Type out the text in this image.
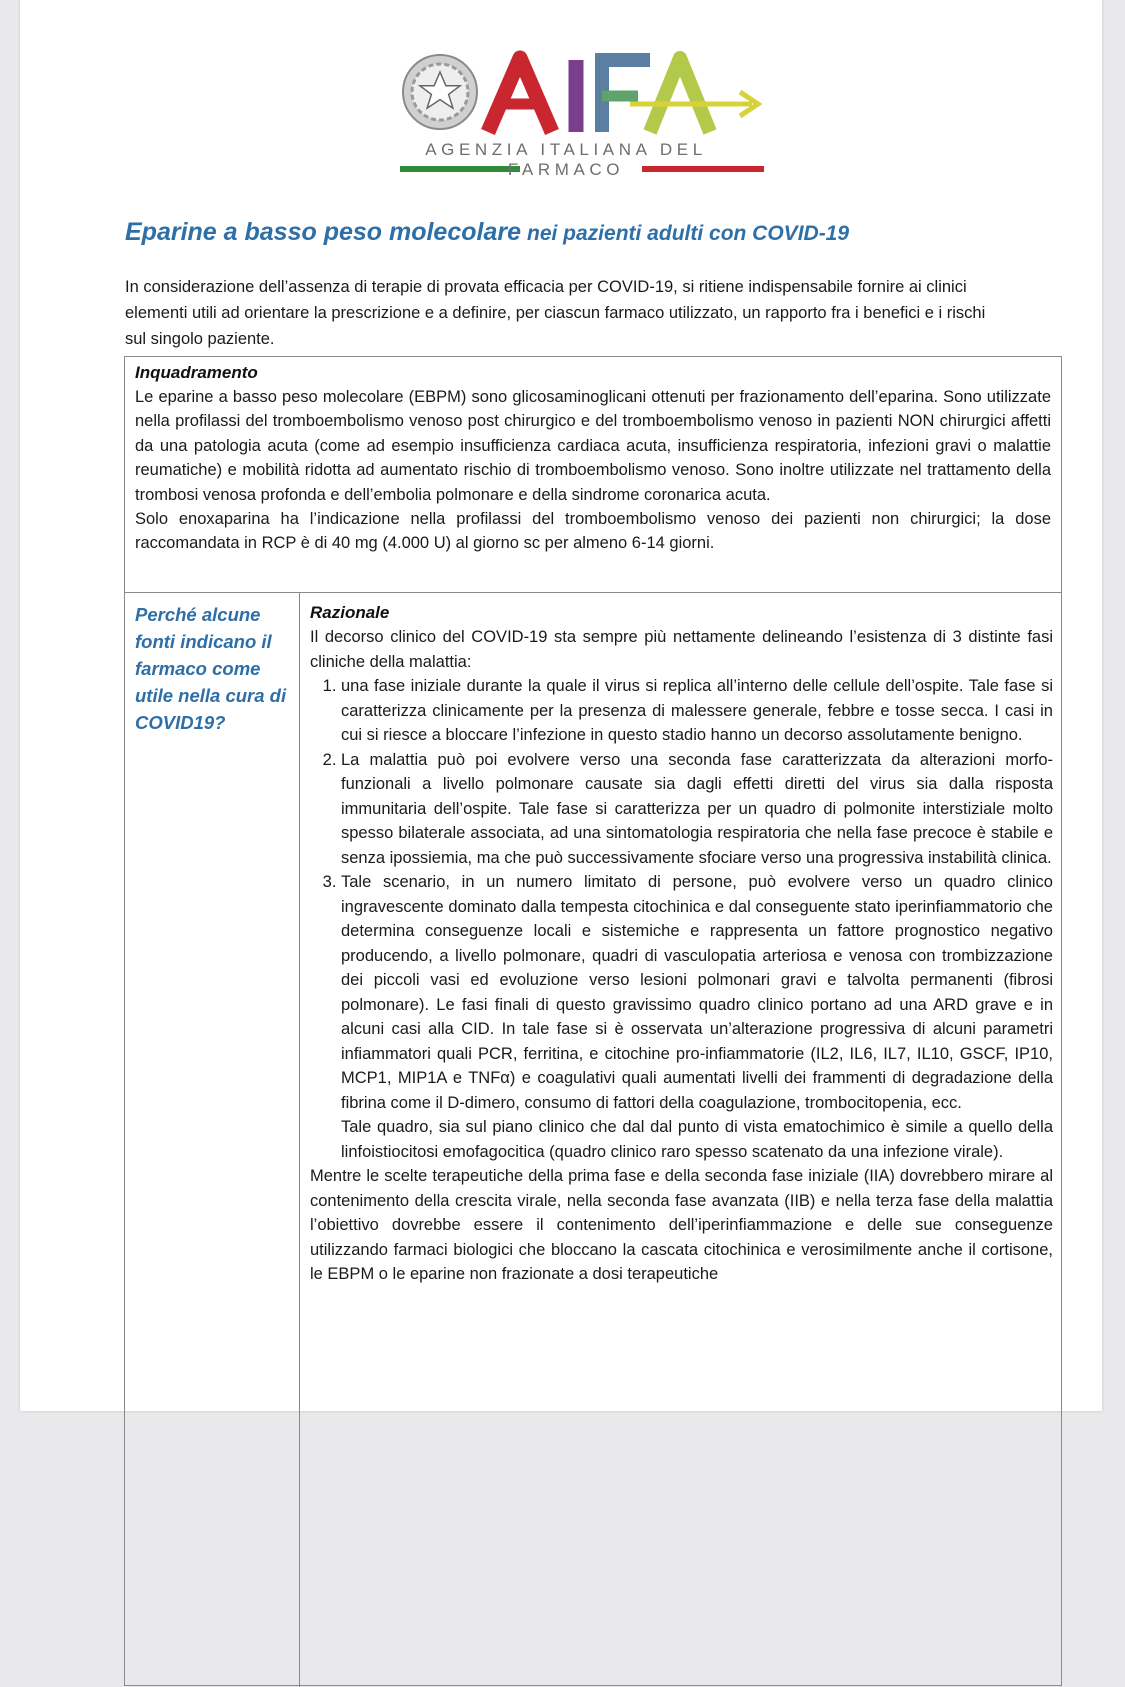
AGENZIA ITALIANA DEL FARMACO
Eparine a basso peso molecolare nei pazienti adulti con COVID-19
In considerazione dell’assenza di terapie di provata efficacia per COVID-19, si ritiene indispensabile fornire ai clinici elementi utili ad orientare la prescrizione e a definire, per ciascun farmaco utilizzato, un rapporto fra i benefici e i rischi sul singolo paziente.
Inquadramento

Le eparine a basso peso molecolare (EBPM) sono glicosaminoglicani ottenuti per frazionamento dell’eparina. Sono utilizzate nella profilassi del tromboembolismo venoso post chirurgico e del tromboembolismo venoso in pazienti NON chirurgici affetti da una patologia acuta (come ad esempio insufficienza cardiaca acuta, insufficienza respiratoria, infezioni gravi o malattie reumatiche) e mobilità ridotta ad aumentato rischio di tromboembolismo venoso. Sono inoltre utilizzate nel trattamento della trombosi venosa profonda e dell’embolia polmonare e della sindrome coronarica acuta.

Solo enoxaparina ha l’indicazione nella profilassi del tromboembolismo venoso dei pazienti non chirurgici; la dose raccomandata in RCP è di 40 mg (4.000 U) al giorno sc per almeno 6-14 giorni.

Perché alcune fonti indicano il farmaco come utile nella cura di COVID19?
Razionale

Il decorso clinico del COVID-19 sta sempre più nettamente delineando l’esistenza di 3 distinte fasi cliniche della malattia:

1. una fase iniziale durante la quale il virus si replica all’interno delle cellule dell’ospite. Tale fase si caratterizza clinicamente per la presenza di malessere generale, febbre e tosse secca. I casi in cui si riesce a bloccare l’infezione in questo stadio hanno un decorso assolutamente benigno.
2. La malattia può poi evolvere verso una seconda fase caratterizzata da alterazioni morfo-funzionali a livello polmonare causate sia dagli effetti diretti del virus sia dalla risposta immunitaria dell’ospite. Tale fase si caratterizza per un quadro di polmonite interstiziale molto spesso bilaterale associata, ad una sintomatologia respiratoria che nella fase precoce è stabile e senza ipossiemia, ma che può successivamente sfociare verso una progressiva instabilità clinica.
3. Tale scenario, in un numero limitato di persone, può evolvere verso un quadro clinico ingravescente dominato dalla tempesta citochinica e dal conseguente stato iperinfiammatorio che determina conseguenze locali e sistemiche e rappresenta un fattore prognostico negativo producendo, a livello polmonare, quadri di vasculopatia arteriosa e venosa con trombizzazione dei piccoli vasi ed evoluzione verso lesioni polmonari gravi e talvolta permanenti (fibrosi polmonare). Le fasi finali di questo gravissimo quadro clinico portano ad una ARD grave e in alcuni casi alla CID. In tale fase si è osservata un’alterazione progressiva di alcuni parametri infiammatori quali PCR, ferritina, e citochine pro-infiammatorie (IL2, IL6, IL7, IL10, GSCF, IP10, MCP1, MIP1A e TNFα) e coagulativi quali aumentati livelli dei frammenti di degradazione della fibrina come il D-dimero, consumo di fattori della coagulazione, trombocitopenia, ecc.
Tale quadro, sia sul piano clinico che dal dal punto di vista ematochimico è simile a quello della linfoistiocitosi emofagocitica (quadro clinico raro spesso scatenato da una infezione virale).

Mentre le scelte terapeutiche della prima fase e della seconda fase iniziale (IIA) dovrebbero mirare al contenimento della crescita virale, nella seconda fase avanzata (IIB) e nella terza fase della malattia l’obiettivo dovrebbe essere il contenimento dell’iperinfiammazione e delle sue conseguenze utilizzando farmaci biologici che bloccano la cascata citochinica e verosimilmente anche il cortisone, le EBPM o le eparine non frazionate a dosi terapeutiche
